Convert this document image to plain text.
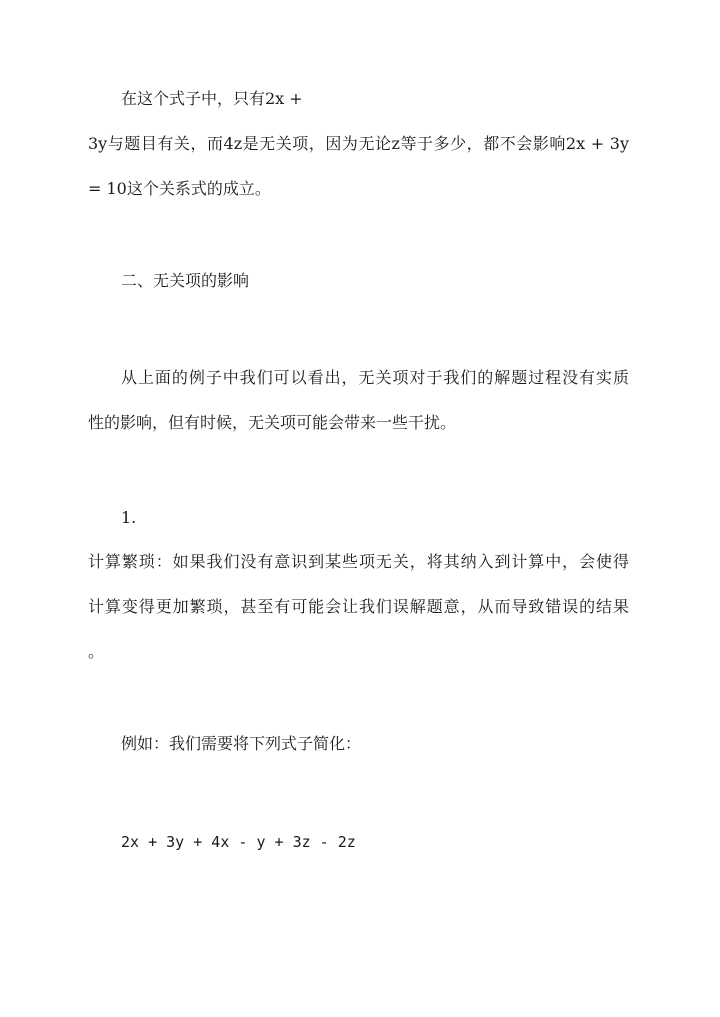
在这个式子中，只有2x +
3y与题目有关，而4z是无关项，因为无论z等于多少，都不会影响2x + 3y
= 10这个关系式的成立。
二、无关项的影响
从上面的例子中我们可以看出，无关项对于我们的解题过程没有实质
性的影响，但有时候，无关项可能会带来一些干扰。
1.
计算繁琐：如果我们没有意识到某些项无关，将其纳入到计算中，会使得
计算变得更加繁琐，甚至有可能会让我们误解题意，从而导致错误的结果
。
例如：我们需要将下列式子简化：
2x + 3y + 4x - y + 3z - 2z
